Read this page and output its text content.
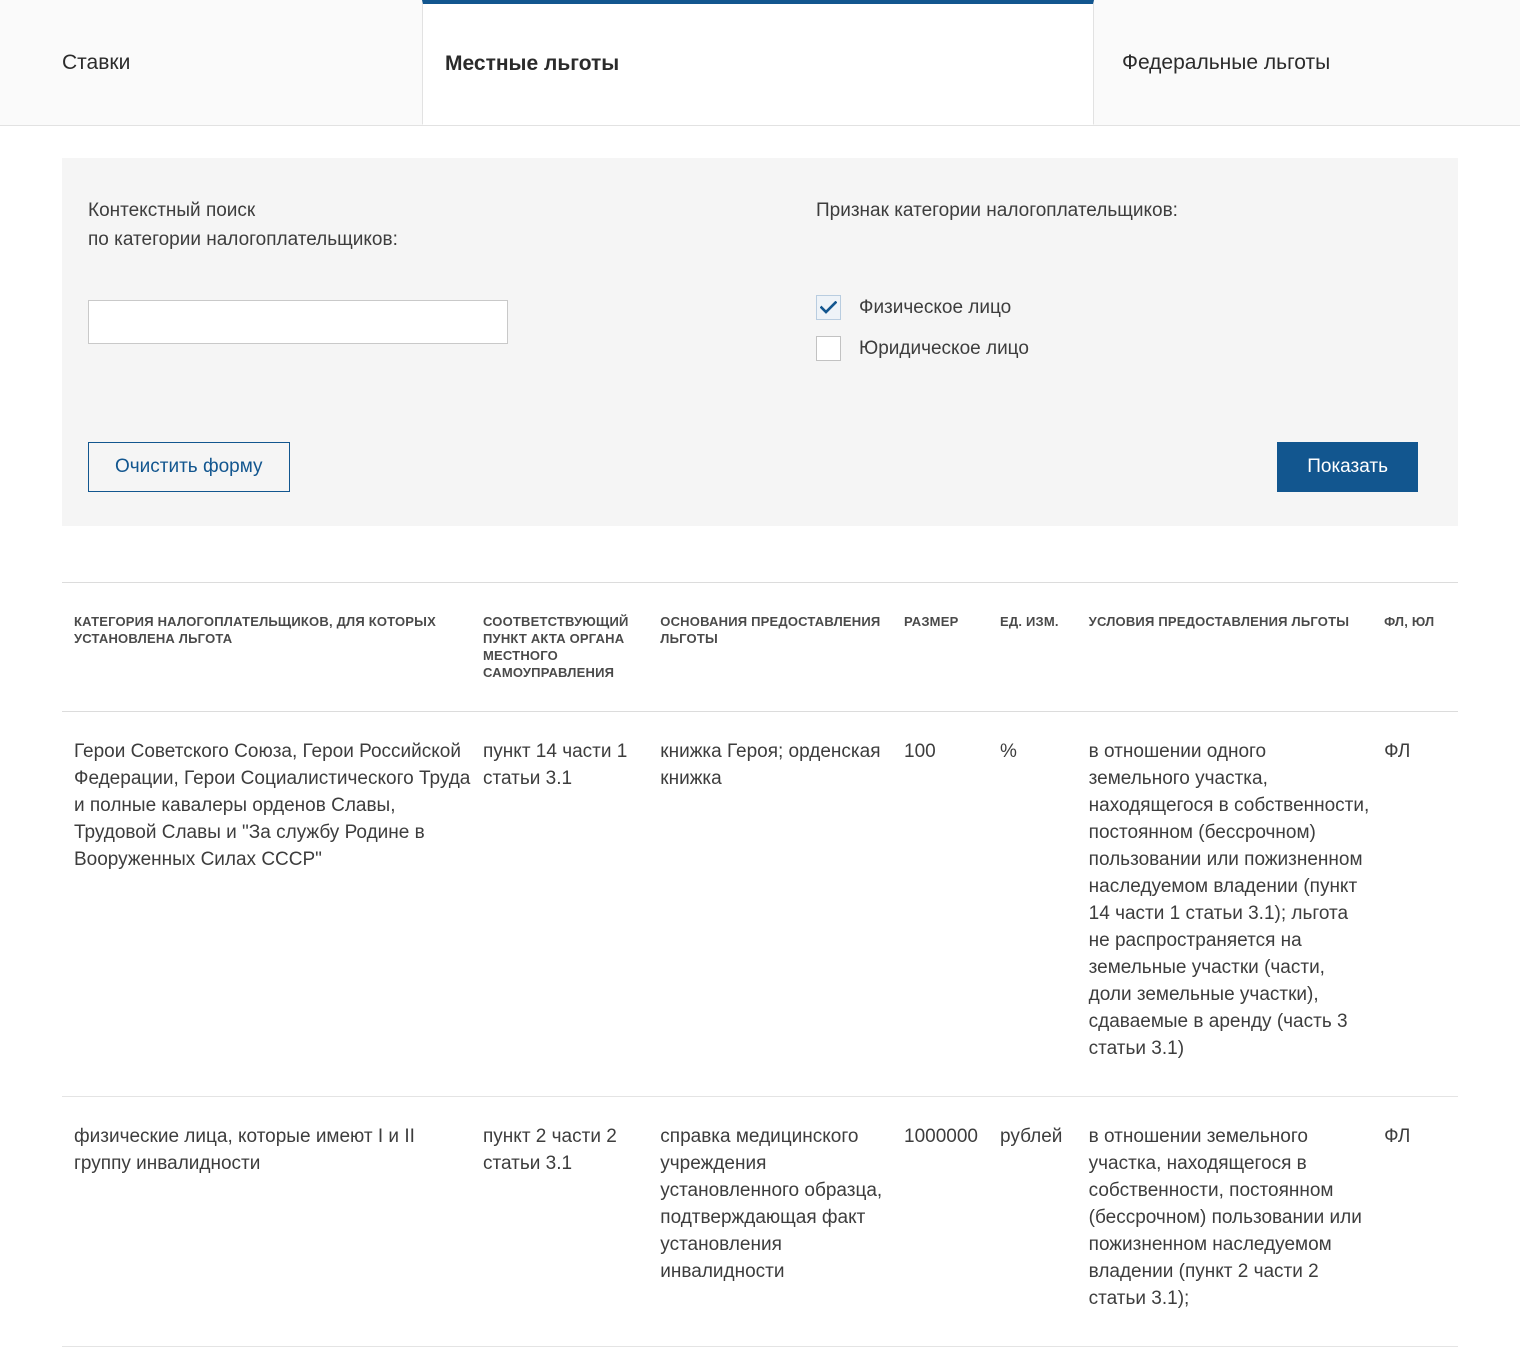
Ставки	Местные льготы	Федеральные льготы
Контекстный поиск
по категории налогоплательщиков:
Признак категории налогоплательщиков:
Физическое лицо
Юридическое лицо
Очистить форму	Показать
КАТЕГОРИЯ НАЛОГОПЛАТЕЛЬЩИКОВ, ДЛЯ КОТОРЫХ УСТАНОВЛЕНА ЛЬГОТА	СООТВЕТСТВУЮЩИЙ ПУНКТ АКТА ОРГАНА МЕСТНОГО САМОУПРАВЛЕНИЯ	ОСНОВАНИЯ ПРЕДОСТАВЛЕНИЯ ЛЬГОТЫ	РАЗМЕР	ЕД. ИЗМ.	УСЛОВИЯ ПРЕДОСТАВЛЕНИЯ ЛЬГОТЫ	ФЛ, ЮЛ
Герои Советского Союза, Герои Российской Федерации, Герои Социалистического Труда и полные кавалеры орденов Славы, Трудовой Славы и "За службу Родине в Вооруженных Силах СССР"	пункт 14 части 1 статьи 3.1	книжка Героя; орденская книжка	100	%	в отношении одного земельного участка, находящегося в собственности, постоянном (бессрочном) пользовании или пожизненном наследуемом владении (пункт 14 части 1 статьи 3.1); льгота не распространяется на земельные участки (части, доли земельные участки), сдаваемые в аренду (часть 3 статьи 3.1)	ФЛ
физические лица, которые имеют I и II группу инвалидности	пункт 2 части 2 статьи 3.1	справка медицинского учреждения установленного образца, подтверждающая факт установления инвалидности	1000000	рублей	в отношении земельного участка, находящегося в собственности, постоянном (бессрочном) пользовании или пожизненном наследуемом владении (пункт 2 части 2 статьи 3.1);	ФЛ
